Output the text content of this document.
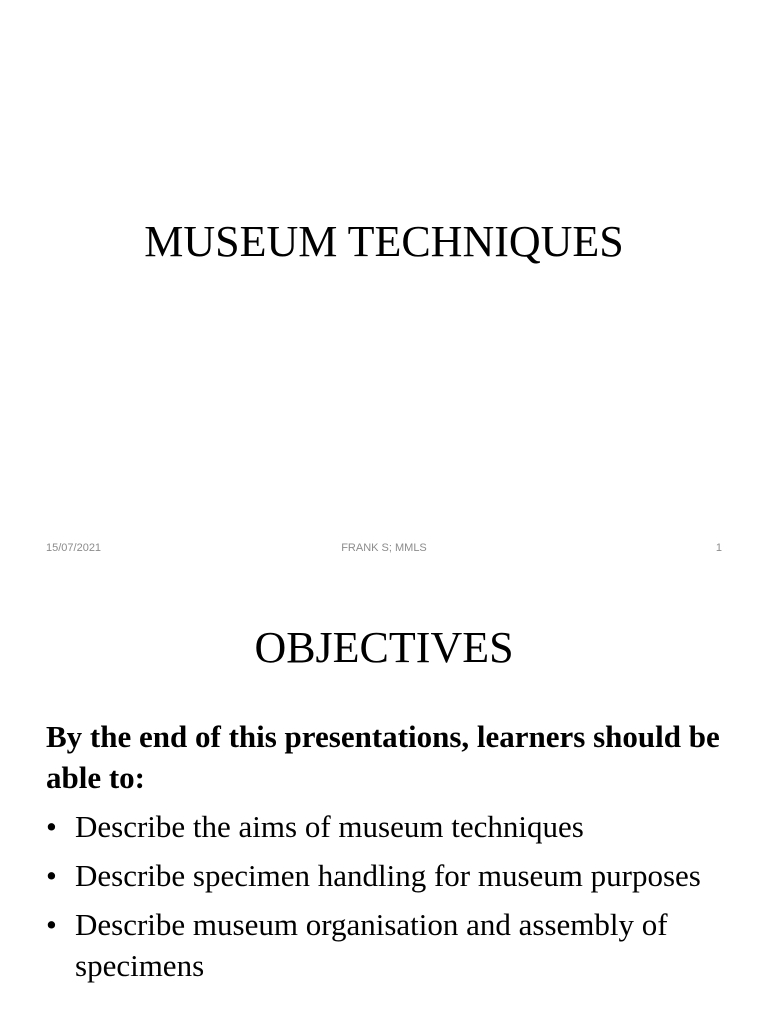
MUSEUM TECHNIQUES
15/07/2021	FRANK S; MMLS	1
OBJECTIVES
By the end of this presentations, learners should be able to:
• Describe the aims of museum techniques
• Describe specimen handling for museum purposes
• Describe museum organisation and assembly of specimens
